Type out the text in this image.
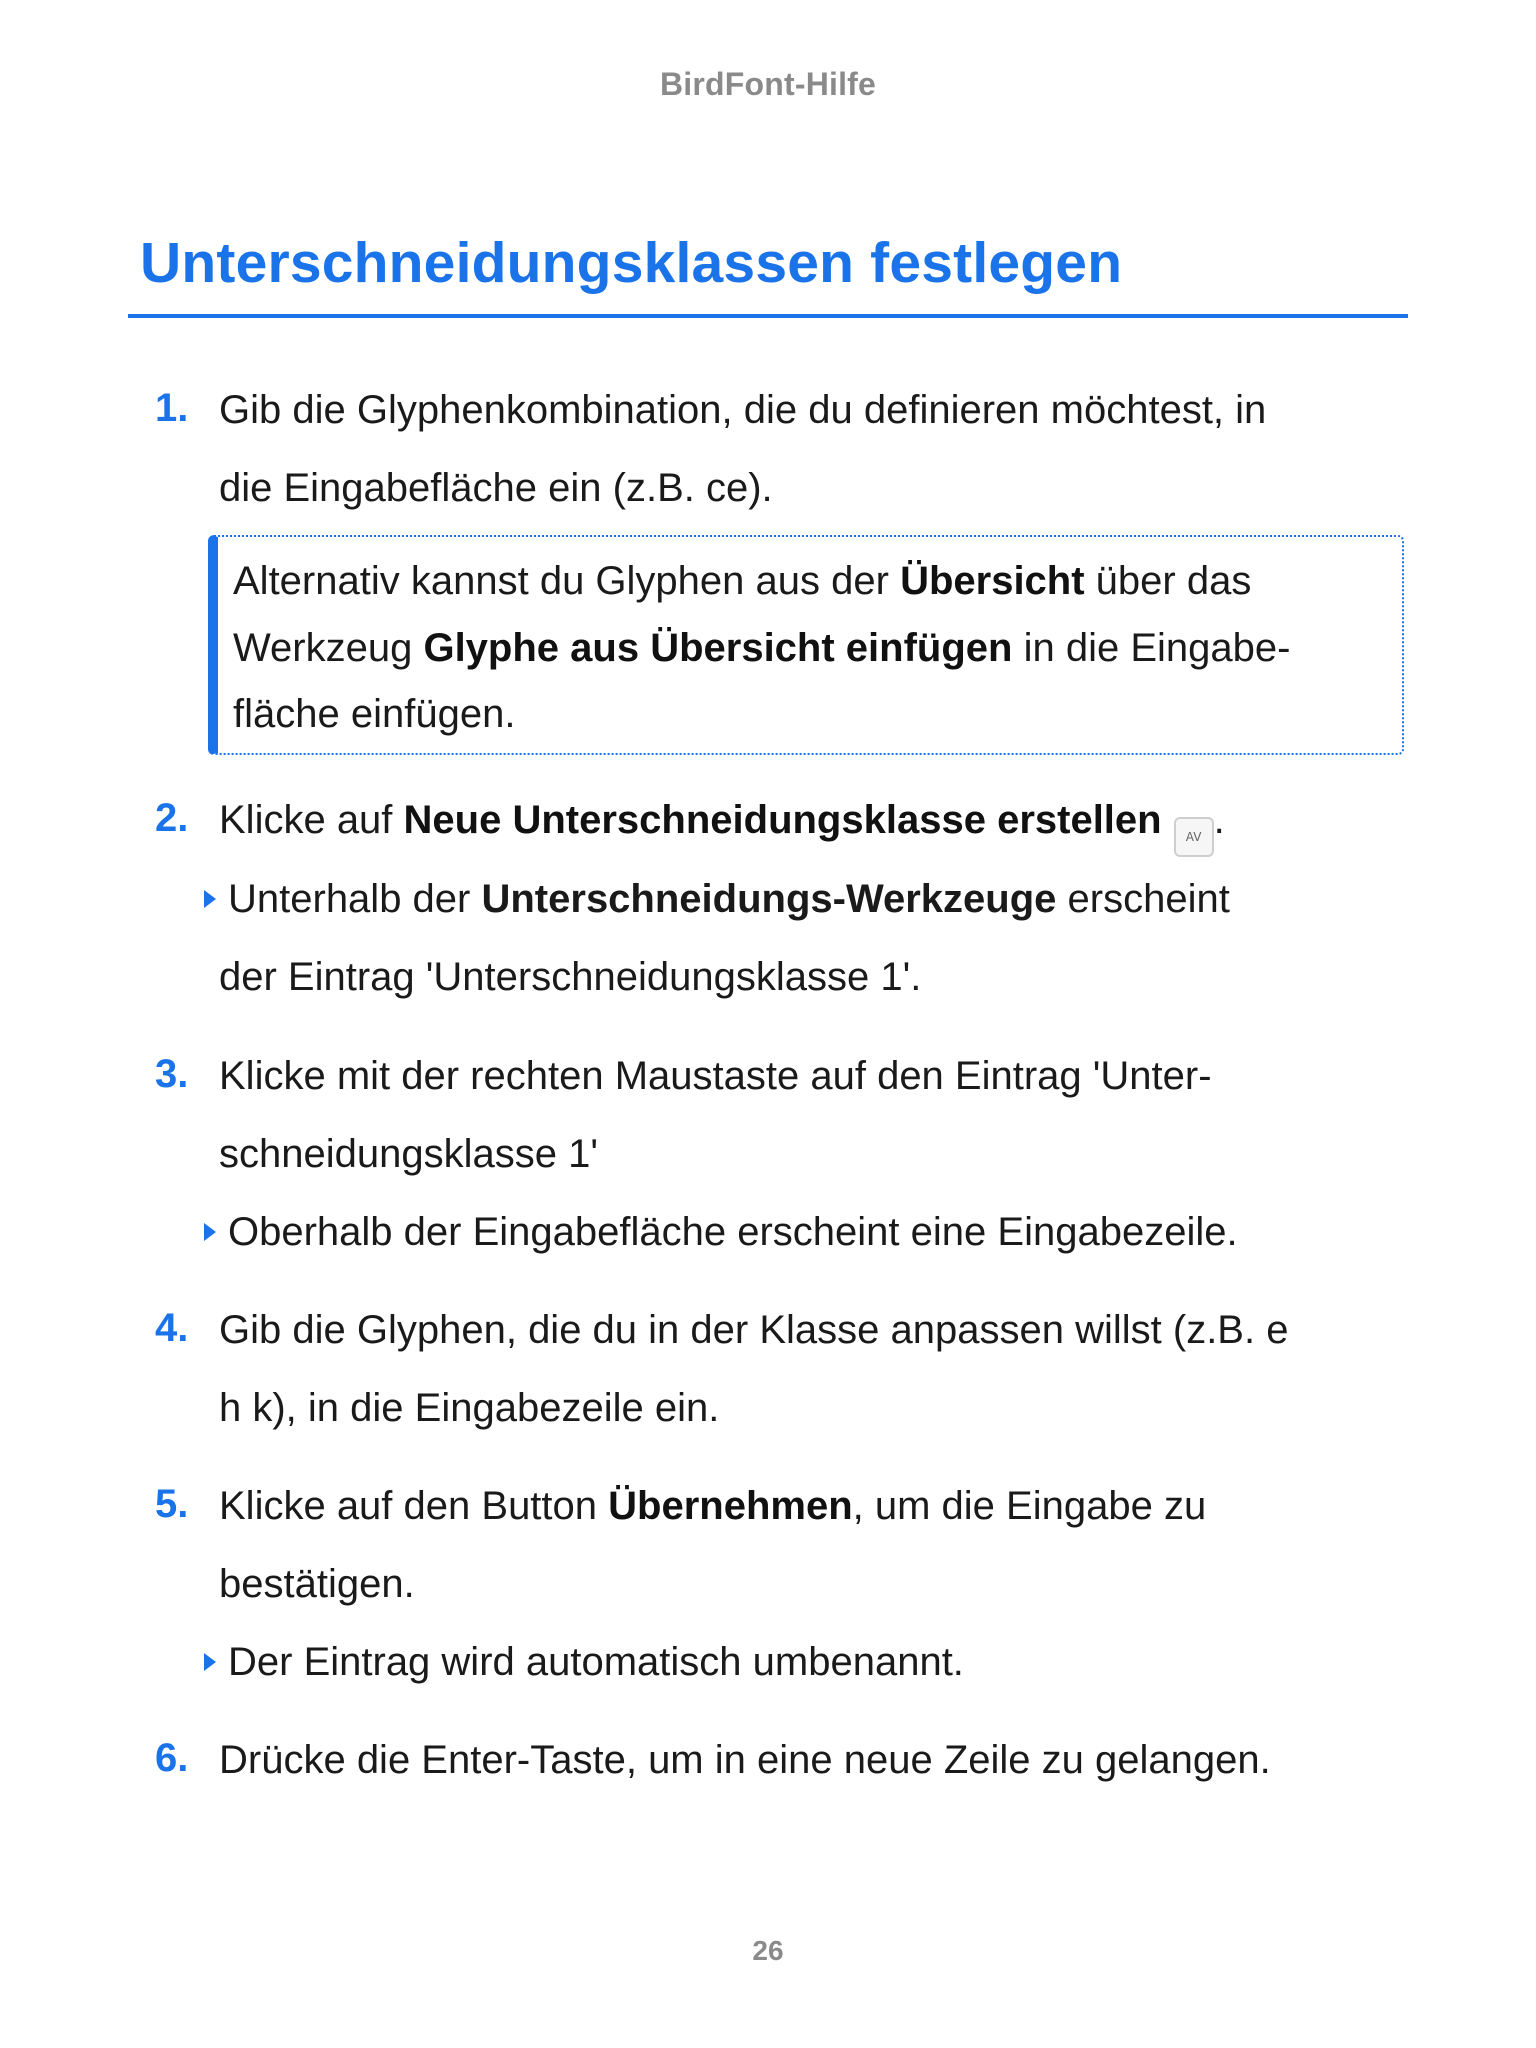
BirdFont-Hilfe
Unterschneidungsklassen festlegen
1. Gib die Glyphenkombination, die du definieren möchtest, in
die Eingabefläche ein (z.B. ce).
Alternativ kannst du Glyphen aus der Übersicht über das
Werkzeug Glyphe aus Übersicht einfügen in die Eingabe-
fläche einfügen.
2. Klicke auf Neue Unterschneidungsklasse erstellen AV .
Unterhalb der Unterschneidungs-Werkzeuge erscheint
der Eintrag 'Unterschneidungsklasse 1'.
3. Klicke mit der rechten Maustaste auf den Eintrag 'Unter-
schneidungsklasse 1'
Oberhalb der Eingabefläche erscheint eine Eingabezeile.
4. Gib die Glyphen, die du in der Klasse anpassen willst (z.B. e
h k), in die Eingabezeile ein.
5. Klicke auf den Button Übernehmen, um die Eingabe zu
bestätigen.
Der Eintrag wird automatisch umbenannt.
6. Drücke die Enter-Taste, um in eine neue Zeile zu gelangen.
26
